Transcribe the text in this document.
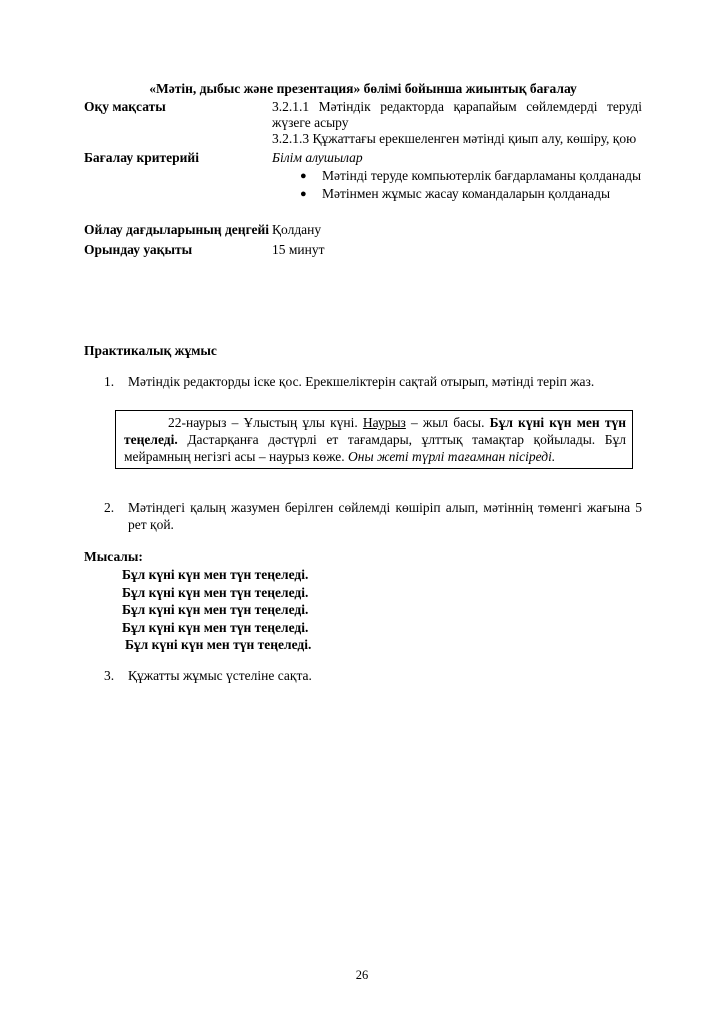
«Мәтін, дыбыс және презентация» бөлімі бойынша жиынтық бағалау
Оқу мақсаты	3.2.1.1 Мәтіндік редакторда қарапайым сөйлемдерді теруді жүзеге асыру

3.2.1.3 Құжаттағы ерекшеленген мәтінді қиып алу, көшіру, қою

Бағалау критерийі	Білім алушылар
● Мәтінді теруде компьютерлік бағдарламаны қолданады
● Мәтінмен жұмыс жасау командаларын қолданады
Ойлау дағдыларының деңгейі Қолдану
Орындау уақыты	15 минут
Практикалық жұмыс
1.	Мәтіндік редакторды іске қос. Ерекшеліктерін сақтай отырып, мәтінді теріп жаз.
22-наурыз – Ұлыстың ұлы күні. Наурыз – жыл басы. Бұл күні күн мен түн теңеледі. Дастарқанға дәстүрлі ет тағамдары, ұлттық тамақтар қойылады. Бұл мейрамның негізгі асы – наурыз көже. Оны жеті түрлі тағамнан пісіреді.
2.	Мәтіндегі қалың жазумен берілген сөйлемді көшіріп алып, мәтіннің төменгі жағына 5 рет қой.
Мысалы:
Бұл күні күн мен түн теңеледі.
Бұл күні күн мен түн теңеледі.
Бұл күні күн мен түн теңеледі.
Бұл күні күн мен түн теңеледі.
Бұл күні күн мен түн теңеледі.
3.	Құжатты жұмыс үстеліне сақта.
26
